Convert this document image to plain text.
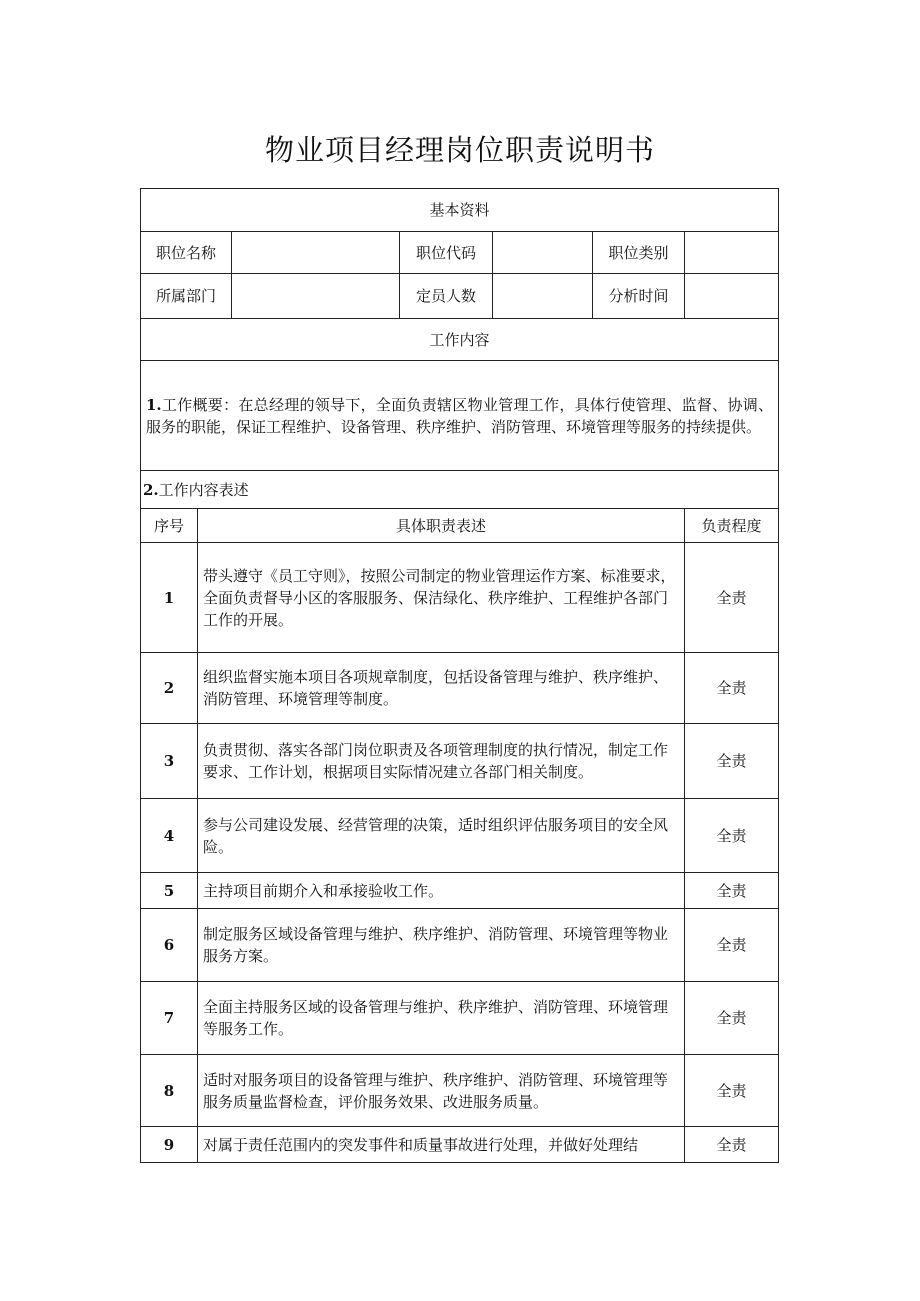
物业项目经理岗位职责说明书
基本资料						
职位名称			职位代码		职位类别	
所属部门			定员人数		分析时间	
工作内容						
1.工作概要：在总经理的领导下，全面负责辖区物业管理工作，具体行使管理、监督、协调、服务的职能，保证工程维护、设备管理、秩序维护、消防管理、环境管理等服务的持续提供。						
2.工作内容表述						
序号	具体职责表述					负责程度
1	带头遵守《员工守则》，按照公司制定的物业管理运作方案、标准要求，全面负责督导小区的客服服务、保洁绿化、秩序维护、工程维护各部门工作的开展。					全责
2	组织监督实施本项目各项规章制度，包括设备管理与维护、秩序维护、消防管理、环境管理等制度。					全责
3	负责贯彻、落实各部门岗位职责及各项管理制度的执行情况，制定工作要求、工作计划，根据项目实际情况建立各部门相关制度。					全责
4	参与公司建设发展、经营管理的决策，适时组织评估服务项目的安全风险。					全责
5	主持项目前期介入和承接验收工作。					全责
6	制定服务区域设备管理与维护、秩序维护、消防管理、环境管理等物业服务方案。					全责
7	全面主持服务区域的设备管理与维护、秩序维护、消防管理、环境管理等服务工作。					全责
8	适时对服务项目的设备管理与维护、秩序维护、消防管理、环境管理等服务质量监督检查，评价服务效果、改进服务质量。					全责
9	对属于责任范围内的突发事件和质量事故进行处理，并做好处理结					全责
